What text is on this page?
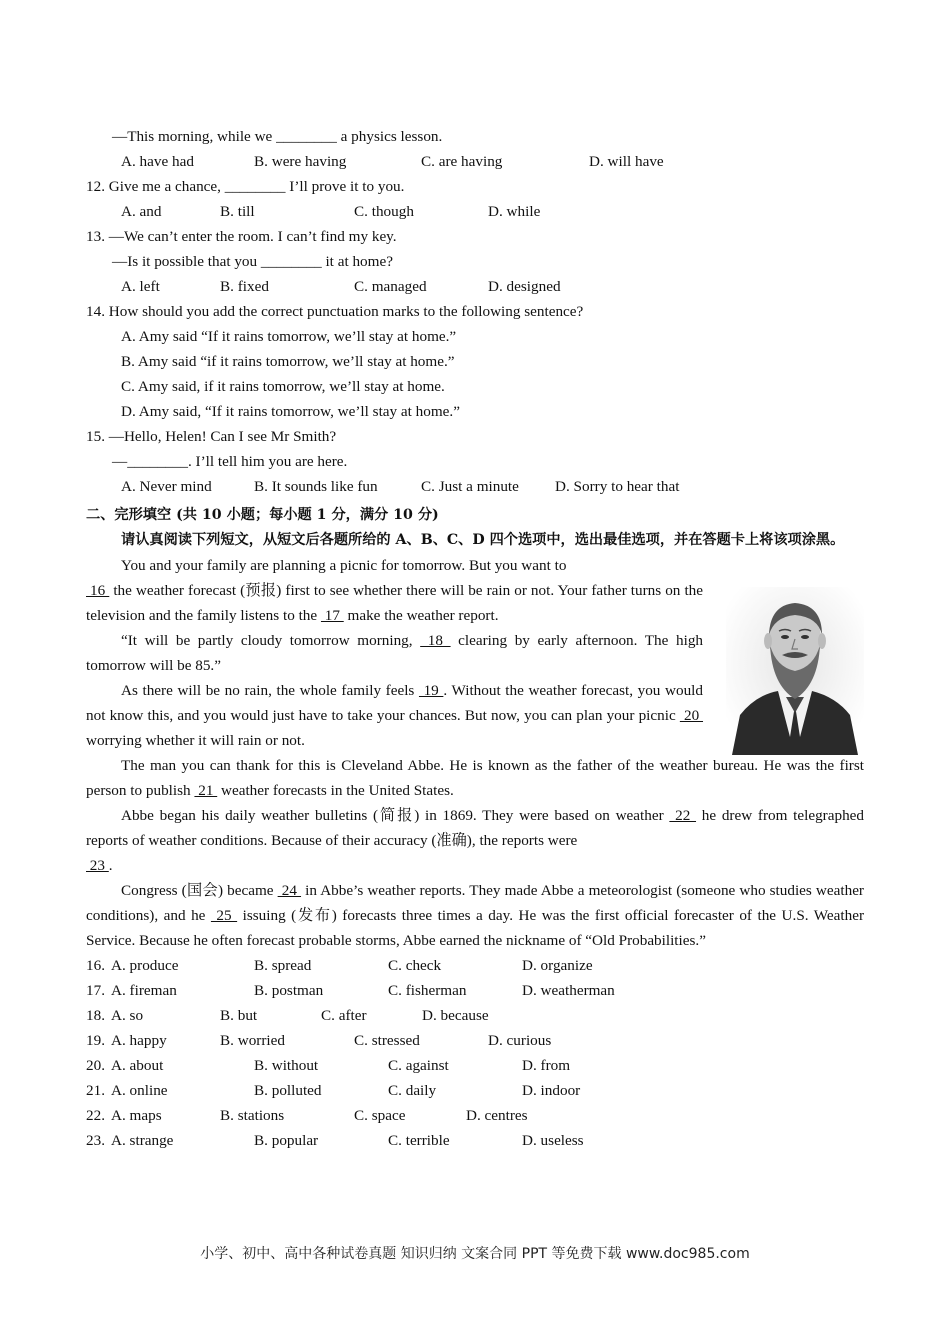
—This morning, while we ________ a physics lesson.
A. have had	B. were having	C. are having	D. will have
12. Give me a chance, ________ I’ll prove it to you.
A. and	B. till	C. though	D. while
13. —We can’t enter the room. I can’t find my key.
—Is it possible that you ________ it at home?
A. left	B. fixed	C. managed	D. designed
14. How should you add the correct punctuation marks to the following sentence?
A. Amy said “If it rains tomorrow, we’ll stay at home.”
B. Amy said “if it rains tomorrow, we’ll stay at home.”
C. Amy said, if it rains tomorrow, we’ll stay at home.
D. Amy said, “If it rains tomorrow, we’ll stay at home.”
15. —Hello, Helen! Can I see Mr Smith?
—________. I’ll tell him you are here.
A. Never mind	B. It sounds like fun	C. Just a minute D. Sorry to hear that
二、完形填空 (共 10 小题；每小题 1 分，满分 10 分)
请认真阅读下列短文，从短文后各题所给的 A、B、C、D 四个选项中，选出最佳选项，并在答题卡上将该项涂黑。
You and your family are planning a picnic for tomorrow. But you want to
16  the weather forecast (预报) first to see whether there will be rain or not. Your father turns on the television and the family listens to the  17  make the weather report.
“It will be partly cloudy tomorrow morning,  18  clearing by early afternoon. The high tomorrow will be 85.”
As there will be no rain, the whole family feels  19 . Without the weather forecast, you would not know this, and you would just have to take your chances. But now, you can plan your picnic  20  worrying whether it will rain or not.
The man you can thank for this is Cleveland Abbe. He is known as the father of the weather bureau. He was the first person to publish  21  weather forecasts in the United States.
Abbe began his daily weather bulletins (简报) in 1869. They were based on weather  22  he drew from telegraphed reports of weather conditions. Because of their accuracy (准确), the reports were
23 .
Congress (国会) became  24  in Abbe’s weather reports. They made Abbe a meteorologist (someone who studies weather conditions), and he  25  issuing (发布) forecasts three times a day. He was the first official forecaster of the U.S. Weather Service. Because he often forecast probable storms, Abbe earned the nickname of “Old Probabilities.”
16. A. produce	B. spread	C. check	D. organize
17. A. fireman	B. postman	C. fisherman	D. weatherman
18. A. so	B. but	C. after	D. because
19. A. happy	B. worried	C. stressed	D. curious
20. A. about	B. without	C. against	D. from
21. A. online	B. polluted	C. daily	D. indoor
22. A. maps	B. stations	C. space	D. centres
23. A. strange	B. popular	C. terrible	D. useless
小学、初中、高中各种试卷真题 知识归纳 文案合同 PPT 等免费下载 www.doc985.com
